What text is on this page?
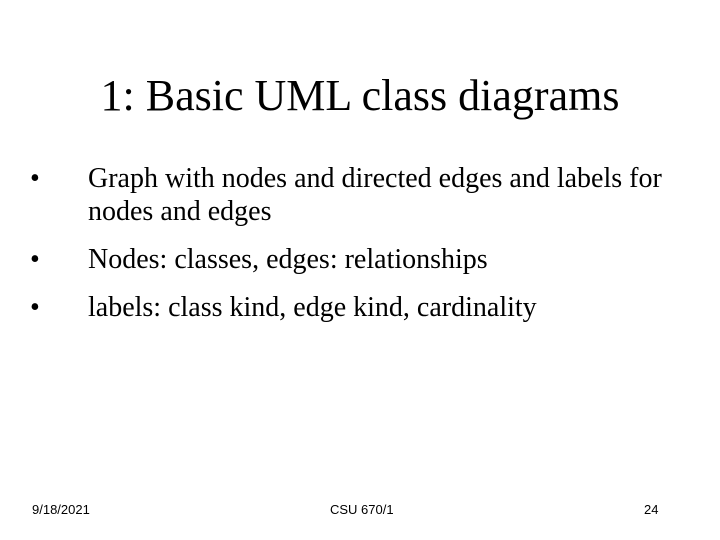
1: Basic UML class diagrams
•	Graph with nodes and directed edges and labels for nodes and edges
•	Nodes: classes, edges: relationships
•	labels: class kind, edge kind, cardinality
9/18/2021	CSU 670/1	24
